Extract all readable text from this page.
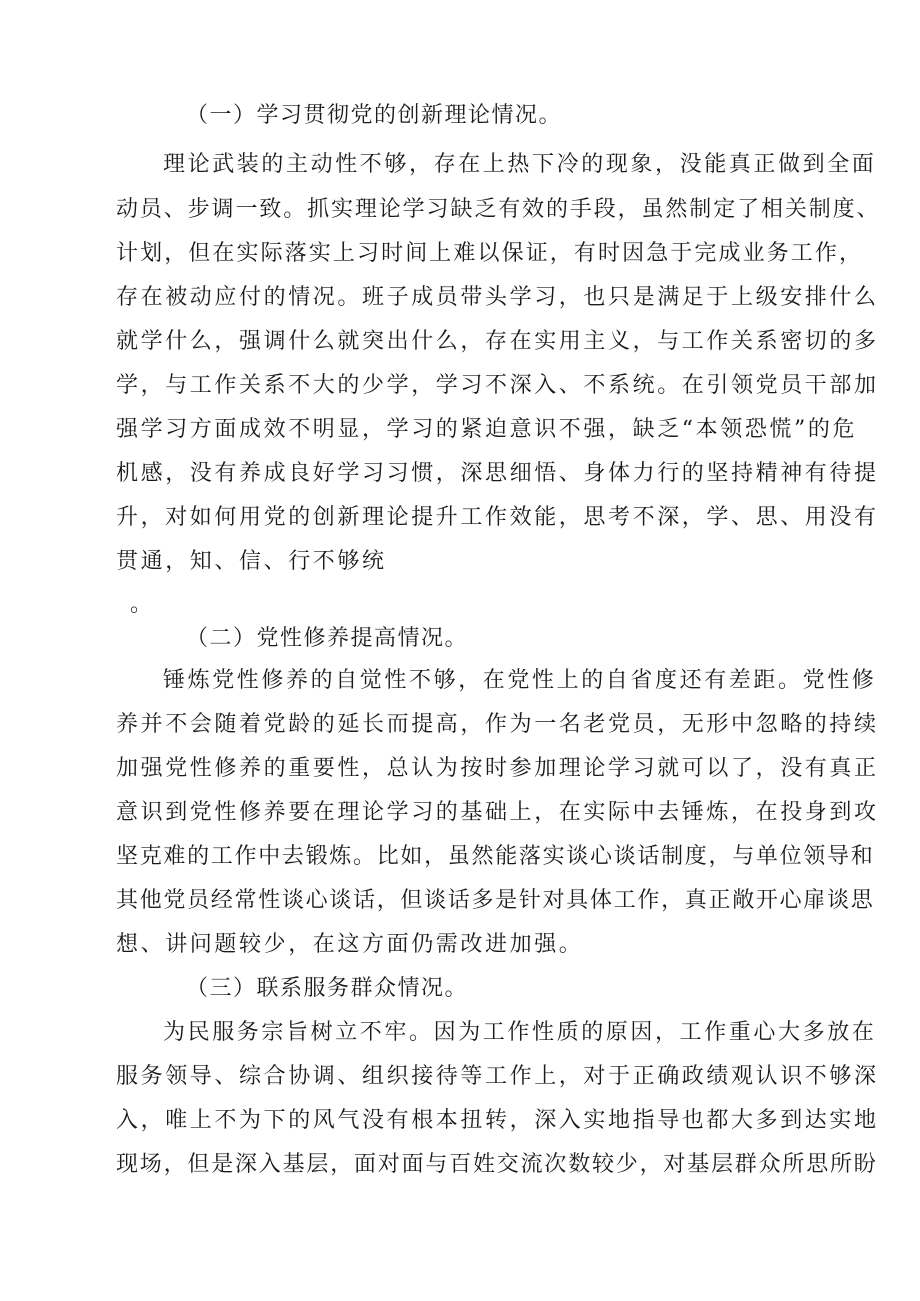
（一）学习贯彻党的创新理论情况。
理论武装的主动性不够，存在上热下冷的现象，没能真正做到全面
动员、步调一致。抓实理论学习缺乏有效的手段，虽然制定了相关制度、
计划，但在实际落实上习时间上难以保证，有时因急于完成业务工作，
存在被动应付的情况。班子成员带头学习，也只是满足于上级安排什么
就学什么，强调什么就突出什么，存在实用主义，与工作关系密切的多
学，与工作关系不大的少学，学习不深入、不系统。在引领党员干部加
强学习方面成效不明显，学习的紧迫意识不强，缺乏“本领恐慌”的危
机感，没有养成良好学习习惯，深思细悟、身体力行的坚持精神有待提
升，对如何用党的创新理论提升工作效能，思考不深，学、思、用没有
贯通，知、信、行不够统
。
（二）党性修养提高情况。
锤炼党性修养的自觉性不够，在党性上的自省度还有差距。党性修
养并不会随着党龄的延长而提高，作为一名老党员，无形中忽略的持续
加强党性修养的重要性，总认为按时参加理论学习就可以了，没有真正
意识到党性修养要在理论学习的基础上，在实际中去锤炼，在投身到攻
坚克难的工作中去锻炼。比如，虽然能落实谈心谈话制度，与单位领导和
其他党员经常性谈心谈话，但谈话多是针对具体工作，真正敞开心扉谈思
想、讲问题较少，在这方面仍需改进加强。
（三）联系服务群众情况。
为民服务宗旨树立不牢。因为工作性质的原因，工作重心大多放在
服务领导、综合协调、组织接待等工作上，对于正确政绩观认识不够深
入，唯上不为下的风气没有根本扭转，深入实地指导也都大多到达实地
现场，但是深入基层，面对面与百姓交流次数较少，对基层群众所思所盼
